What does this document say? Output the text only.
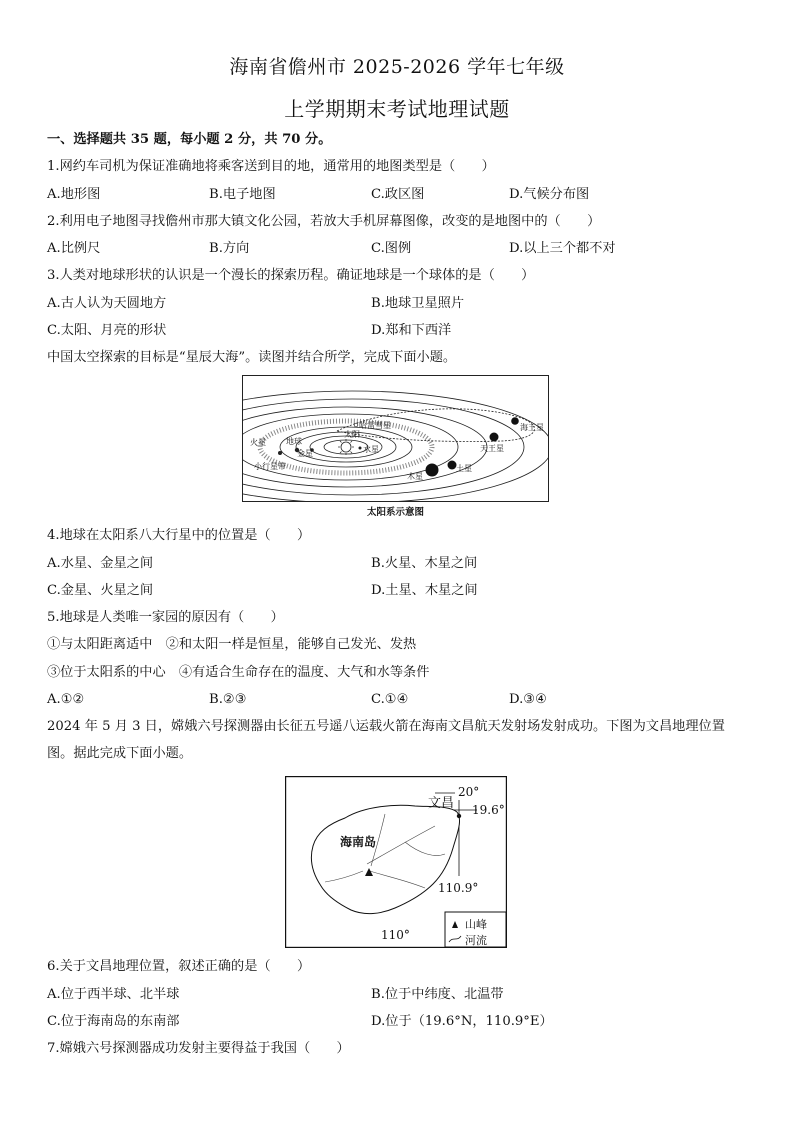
海南省儋州市 2025-2026 学年七年级
上学期期末考试地理试题
一、选择题共 35 题，每小题 2 分，共 70 分。
1.网约车司机为保证准确地将乘客送到目的地，通常用的地图类型是（　　）
A.地形图	B.电子地图	C.政区图	D.气候分布图
2.利用电子地图寻找儋州市那大镇文化公园，若放大手机屏幕图像，改变的是地图中的（　　）
A.比例尺	B.方向	C.图例	D.以上三个都不对
3.人类对地球形状的认识是一个漫长的探索历程。确证地球是一个球体的是（　　）
A.古人认为天圆地方	B.地球卫星照片
C.太阳、月亮的形状	D.郑和下西洋
中国太空探索的目标是“星辰大海”。读图并结合所学，完成下面小题。
哈雷彗星
太阳
水星
金星
地球
火星
小行星带
木星
土星
天王星
海王星
太阳系示意图
4.地球在太阳系八大行星中的位置是（　　）
A.水星、金星之间	B.火星、木星之间
C.金星、火星之间	D.土星、木星之间
5.地球是人类唯一家园的原因有（　　）
①与太阳距离适中　②和太阳一样是恒星，能够自己发光、发热
③位于太阳系的中心　④有适合生命存在的温度、大气和水等条件
A.①②	B.②③	C.①④	D.③④
2024 年 5 月 3 日，嫦娥六号探测器由长征五号遥八运载火箭在海南文昌航天发射场发射成功。下图为文昌地理位置图。据此完成下面小题。
20°
文昌 19.6°
海南岛
110.9°
110°
山峰
河流
6.关于文昌地理位置，叙述正确的是（　　）
A.位于西半球、北半球	B.位于中纬度、北温带
C.位于海南岛的东南部	D.位于（19.6°N，110.9°E）
7.嫦娥六号探测器成功发射主要得益于我国（　　）
